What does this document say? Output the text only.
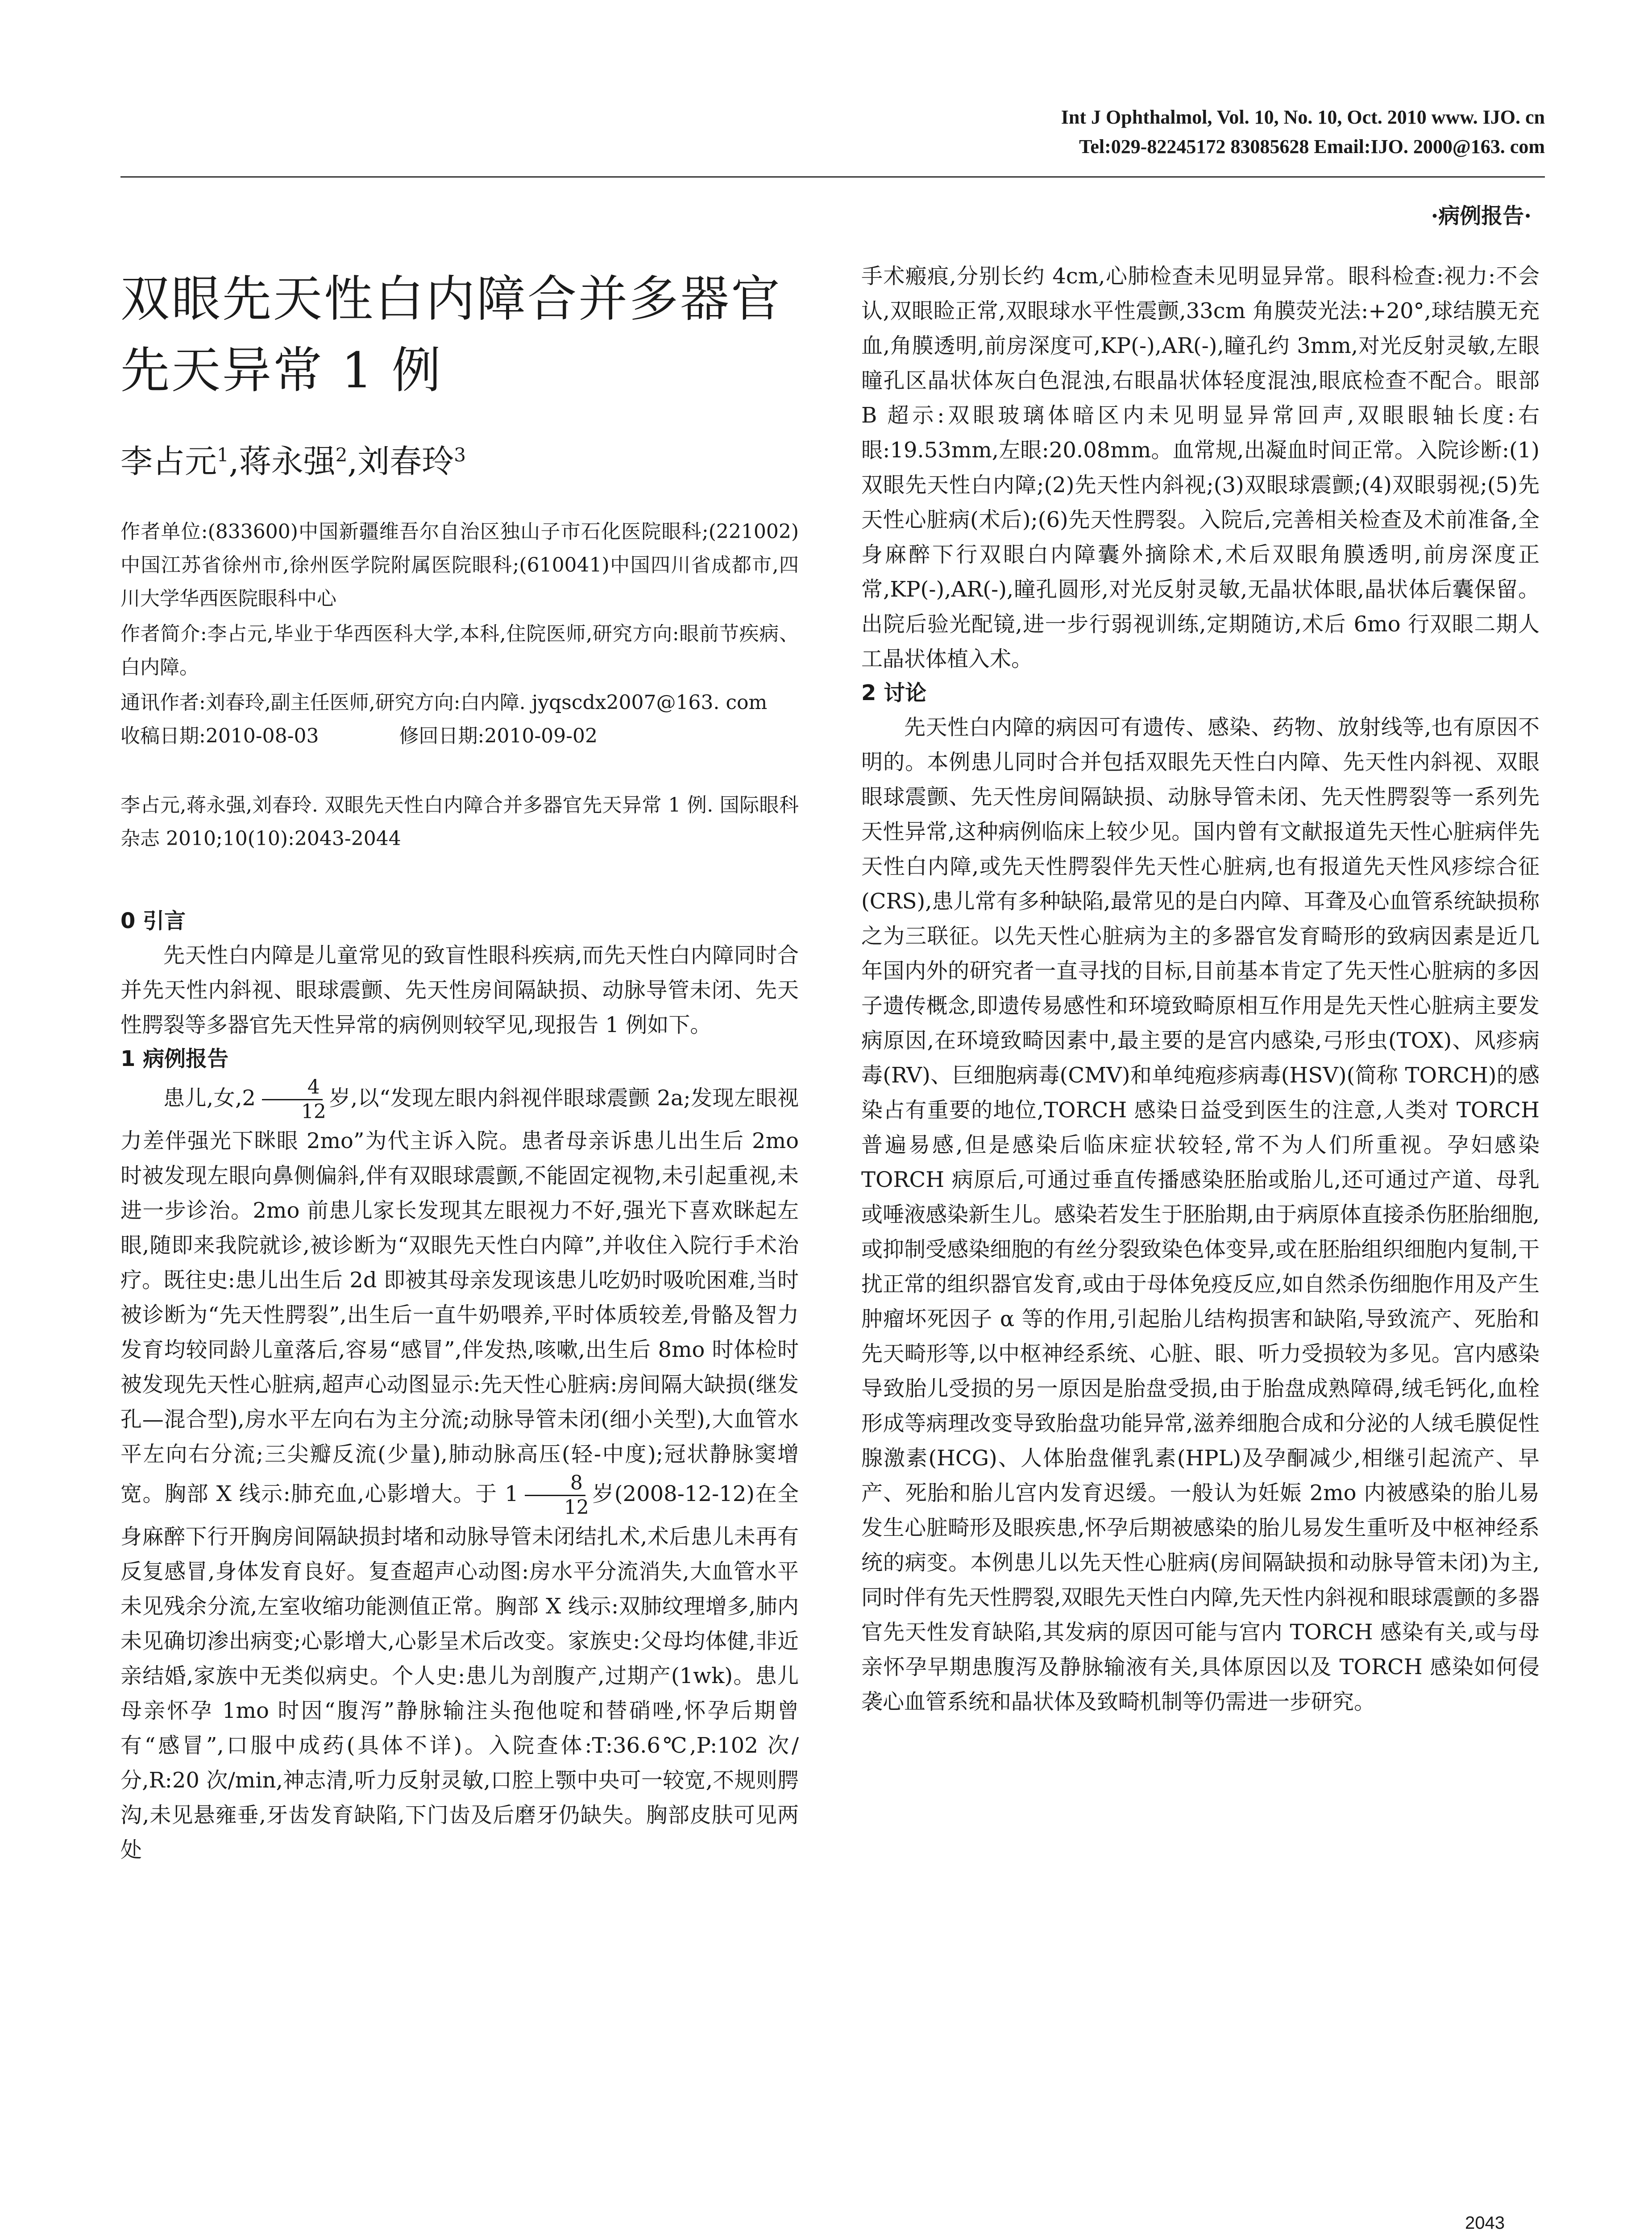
Int J Ophthalmol, Vol. 10, No. 10, Oct. 2010 www. IJO. cn
Tel:029-82245172 83085628 Email:IJO. 2000@163. com
·病例报告·
双眼先天性白内障合并多器官先天异常 1 例
李占元$^1$,蒋永强$^2$,刘春玲$^3$

作者单位:(833600)中国新疆维吾尔自治区独山子市石化医院眼科;(221002)中国江苏省徐州市,徐州医学院附属医院眼科;(610041)中国四川省成都市,四川大学华西医院眼科中心

作者简介:李占元,毕业于华西医科大学,本科,住院医师,研究方向:眼前节疾病、白内障。

通讯作者:刘春玲,副主任医师,研究方向:白内障. jyqscdx2007@163. com

收稿日期:2010-08-03	修回日期:2010-09-02

李占元,蒋永强,刘春玲. 双眼先天性白内障合并多器官先天异常 1 例. 国际眼科杂志 2010;10(10):2043-2044

0 引言

先天性白内障是儿童常见的致盲性眼科疾病,而先天性白内障同时合并先天性内斜视、眼球震颤、先天性房间隔缺损、动脉导管未闭、先天性腭裂等多器官先天性异常的病例则较罕见,现报告 1 例如下。

1 病例报告

患儿,女$,2 \frac{4}{12}$ 岁,以“发现左眼内斜视伴眼球震颤 2a;发现左眼视力差伴强光下眯眼 2mo”为代主诉入院。患者母亲诉患儿出生后 2mo 时被发现左眼向鼻侧偏斜,伴有双眼球震颤,不能固定视物,未引起重视,未进一步诊治。2mo 前患儿家长发现其左眼视力不好,强光下喜欢眯起左眼,随即来我院就诊,被诊断为“双眼先天性白内障”,并收住入院行手术治疗。既往史:患儿出生后 2d 即被其母亲发现该患儿吃奶时吸吮困难,当时被诊断为“先天性腭裂”,出生后一直牛奶喂养,平时体质较差,骨骼及智力发育均较同龄儿童落后,容易“感冒”,伴发热,咳嗽,出生后 8mo 时体检时被发现先天性心脏病,超声心动图显示:先天性心脏病:房间隔大缺损(继发孔—混合型),房水平左向右为主分流;动脉导管未闭(细小关型),大血管水平左向右分流;三尖瓣反流(少量),肺动脉高压(轻-中度);冠状静脉窦增宽。胸部 X 线示:肺充血,心影增大。于 $1 \frac{8}{12}$ 岁(2008-12-12)在全身麻醉下行开胸房间隔缺损封堵和动脉导管未闭结扎术,术后患儿未再有反复感冒,身体发育良好。复查超声心动图:房水平分流消失,大血管水平未见残余分流,左室收缩功能测值正常。胸部 X 线示:双肺纹理增多,肺内未见确切渗出病变;心影增大,心影呈术后改变。家族史:父母均体健,非近亲结婚,家族中无类似病史。个人史:患儿为剖腹产,过期产(1wk)。患儿母亲怀孕 1mo 时因“腹泻”静脉输注头孢他啶和替硝唑,怀孕后期曾有“感冒”,口服中成药(具体不详)。入院查体:T:36.6℃,P:102 次/分,R:20 次/min,神志清,听力反射灵敏,口腔上颚中央可一较宽,不规则腭沟,未见悬雍垂,牙齿发育缺陷,下门齿及后磨牙仍缺失。胸部皮肤可见两处

手术瘢痕,分别长约 4cm,心肺检查未见明显异常。眼科检查:视力:不会认,双眼睑正常,双眼球水平性震颤,33cm 角膜荧光法:+20°,球结膜无充血,角膜透明,前房深度可,KP(-),AR(-),瞳孔约 3mm,对光反射灵敏,左眼瞳孔区晶状体灰白色混浊,右眼晶状体轻度混浊,眼底检查不配合。眼部 B 超示:双眼玻璃体暗区内未见明显异常回声,双眼眼轴长度:右眼:19.53mm,左眼:20.08mm。血常规,出凝血时间正常。入院诊断:(1)双眼先天性白内障;(2)先天性内斜视;(3)双眼球震颤;(4)双眼弱视;(5)先天性心脏病(术后);(6)先天性腭裂。入院后,完善相关检查及术前准备,全身麻醉下行双眼白内障囊外摘除术,术后双眼角膜透明,前房深度正常,KP(-),AR(-),瞳孔圆形,对光反射灵敏,无晶状体眼,晶状体后囊保留。出院后验光配镜,进一步行弱视训练,定期随访,术后 6mo 行双眼二期人工晶状体植入术。

2 讨论

先天性白内障的病因可有遗传、感染、药物、放射线等,也有原因不明的。本例患儿同时合并包括双眼先天性白内障、先天性内斜视、双眼眼球震颤、先天性房间隔缺损、动脉导管未闭、先天性腭裂等一系列先天性异常,这种病例临床上较少见。国内曾有文献报道先天性心脏病伴先天性白内障,或先天性腭裂伴先天性心脏病,也有报道先天性风疹综合征(CRS),患儿常有多种缺陷,最常见的是白内障、耳聋及心血管系统缺损称之为三联征。以先天性心脏病为主的多器官发育畸形的致病因素是近几年国内外的研究者一直寻找的目标,目前基本肯定了先天性心脏病的多因子遗传概念,即遗传易感性和环境致畸原相互作用是先天性心脏病主要发病原因,在环境致畸因素中,最主要的是宫内感染,弓形虫(TOX)、风疹病毒(RV)、巨细胞病毒(CMV)和单纯疱疹病毒(HSV)(简称 TORCH)的感染占有重要的地位,TORCH 感染日益受到医生的注意,人类对 TORCH 普遍易感,但是感染后临床症状较轻,常不为人们所重视。孕妇感染 TORCH 病原后,可通过垂直传播感染胚胎或胎儿,还可通过产道、母乳或唾液感染新生儿。感染若发生于胚胎期,由于病原体直接杀伤胚胎细胞,或抑制受感染细胞的有丝分裂致染色体变异,或在胚胎组织细胞内复制,干扰正常的组织器官发育,或由于母体免疫反应,如自然杀伤细胞作用及产生肿瘤坏死因子 α 等的作用,引起胎儿结构损害和缺陷,导致流产、死胎和先天畸形等,以中枢神经系统、心脏、眼、听力受损较为多见。宫内感染导致胎儿受损的另一原因是胎盘受损,由于胎盘成熟障碍,绒毛钙化,血栓形成等病理改变导致胎盘功能异常,滋养细胞合成和分泌的人绒毛膜促性腺激素(HCG)、人体胎盘催乳素(HPL)及孕酮减少,相继引起流产、早产、死胎和胎儿宫内发育迟缓。一般认为妊娠 2mo 内被感染的胎儿易发生心脏畸形及眼疾患,怀孕后期被感染的胎儿易发生重听及中枢神经系统的病变。本例患儿以先天性心脏病(房间隔缺损和动脉导管未闭)为主,同时伴有先天性腭裂,双眼先天性白内障,先天性内斜视和眼球震颤的多器官先天性发育缺陷,其发病的原因可能与宫内 TORCH 感染有关,或与母亲怀孕早期患腹泻及静脉输液有关,具体原因以及 TORCH 感染如何侵袭心血管系统和晶状体及致畸机制等仍需进一步研究。

2043
